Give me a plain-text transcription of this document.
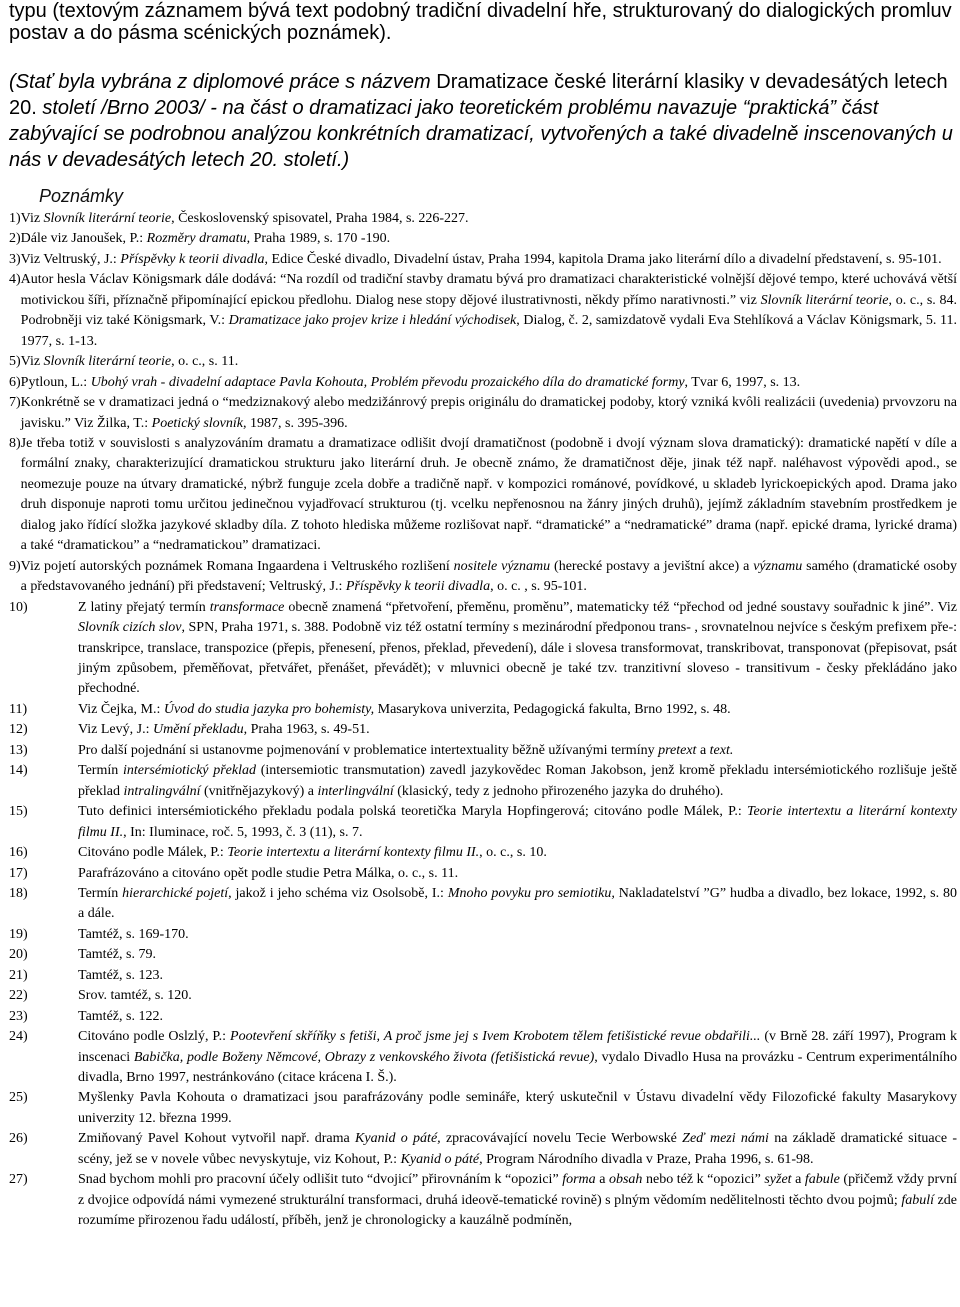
typu (textovým záznamem bývá text podobný tradiční divadelní hře, strukturovaný do dialogických promluv postav a do pásma scénických poznámek).
(Stať byla vybrána z diplomové práce s názvem Dramatizace české literární klasiky v devadesátých letech 20. století /Brno 2003/ - na část o dramatizaci jako teoretickém problému navazuje “praktická” část zabývající se podrobnou analýzou konkrétních dramatizací, vytvořených a také divadelně inscenovaných u nás v devadesátých letech 20. století.)
Poznámky
1) Viz Slovník literární teorie, Československý spisovatel, Praha 1984, s. 226-227.
2) Dále viz Janoušek, P.: Rozměry dramatu, Praha 1989, s. 170 -190.
3) Viz Veltruský, J.: Příspěvky k teorii divadla, Edice České divadlo, Divadelní ústav, Praha 1994, kapitola Drama jako literární dílo a divadelní představení, s. 95-101.
4) Autor hesla Václav Königsmark dále dodává: “Na rozdíl od tradiční stavby dramatu bývá pro dramatizaci charakteristické volnější dějové tempo, které uchovává větší motivickou šíři, příznačně připomínající epickou předlohu. Dialog nese stopy dějové ilustrativnosti, někdy přímo narativnosti.” viz Slovník literární teorie, o. c., s. 84. Podrobněji viz také Königsmark, V.: Dramatizace jako projev krize i hledání východisek, Dialog, č. 2, samizdatově vydali Eva Stehlíková a Václav Königsmark, 5. 11. 1977, s. 1-13.
5) Viz Slovník literární teorie, o. c., s. 11.
6) Pytloun, L.: Ubohý vrah - divadelní adaptace Pavla Kohouta, Problém převodu prozaického díla do dramatické formy, Tvar 6, 1997, s. 13.
7) Konkrétně se v dramatizaci jedná o “medziznakový alebo medzižánrový prepis originálu do dramatickej podoby, ktorý vzniká kvôli realizácii (uvedenia) prvovzoru na javisku.” Viz Žilka, T.: Poetický slovník, 1987, s. 395-396.
8) Je třeba totiž v souvislosti s analyzováním dramatu a dramatizace odlišit dvojí dramatičnost (podobně i dvojí význam slova dramatický): dramatické napětí v díle a formální znaky, charakterizující dramatickou strukturu jako literární druh. Je obecně známo, že dramatičnost děje, jinak též např. naléhavost výpovědi apod., se neomezuje pouze na útvary dramatické, nýbrž funguje zcela dobře a tradičně např. v kompozici románové, povídkové, u skladeb lyrickoepických apod. Drama jako druh disponuje naproti tomu určitou jedinečnou vyjadřovací strukturou (tj. vcelku nepřenosnou na žánry jiných druhů), jejímž základním stavebním prostředkem je dialog jako řídící složka jazykové skladby díla. Z tohoto hlediska můžeme rozlišovat např. “dramatické” a “nedramatické” drama (např. epické drama, lyrické drama) a také “dramatickou” a “nedramatickou” dramatizaci.
9) Viz pojetí autorských poznámek Romana Ingaardena i Veltruského rozlišení nositele významu (herecké postavy a jevištní akce) a významu samého (dramatické osoby a představovaného jednání) při představení; Veltruský, J.: Příspěvky k teorii divadla, o. c. , s. 95-101.
10)	Z latiny přejatý termín transformace obecně znamená “přetvoření, přeměnu, proměnu”, matematicky též “přechod od jedné soustavy souřadnic k jiné”. Viz Slovník cizích slov, SPN, Praha 1971, s. 388. Podobně viz též ostatní termíny s mezinárodní předponou trans- , srovnatelnou nejvíce s českým prefixem pře-: transkripce, translace, transpozice (přepis, přenesení, přenos, překlad, převedení), dále i slovesa transformovat, transkribovat, transponovat (přepisovat, psát jiným způsobem, přeměňovat, přetvářet, přenášet, převádět); v mluvnici obecně je také tzv. tranzitivní sloveso - transitivum - česky překládáno jako přechodné.
11)	Viz Čejka, M.: Úvod do studia jazyka pro bohemisty, Masarykova univerzita, Pedagogická fakulta, Brno 1992, s. 48.
12)	Viz Levý, J.: Umění překladu, Praha 1963, s. 49-51.
13)	Pro další pojednání si ustanovme pojmenování v problematice intertextuality běžně užívanými termíny pretext a text.
14)	Termín intersémiotický překlad (intersemiotic transmutation) zavedl jazykovědec Roman Jakobson, jenž kromě překladu intersémiotického rozlišuje ještě překlad intralingvální (vnitřnějazykový) a interlingvální (klasický, tedy z jednoho přirozeného jazyka do druhého).
15)	Tuto definici intersémiotického překladu podala polská teoretička Maryla Hopfingerová; citováno podle Málek, P.: Teorie intertextu a literární kontexty filmu II., In: Iluminace, roč. 5, 1993, č. 3 (11), s. 7.
16)	Citováno podle Málek, P.: Teorie intertextu a literární kontexty filmu II., o. c., s. 10.
17)	Parafrázováno a citováno opět podle studie Petra Málka, o. c., s. 11.
18)	Termín hierarchické pojetí, jakož i jeho schéma viz Osolsobě, I.: Mnoho povyku pro semiotiku, Nakladatelství ”G” hudba a divadlo, bez lokace, 1992, s. 80 a dále.
19)	Tamtéž, s. 169-170.
20)	Tamtéž, s. 79.
21)	Tamtéž, s. 123.
22)	Srov. tamtéž, s. 120.
23)	Tamtéž, s. 122.
24)	Citováno podle Oslzlý, P.: Pootevření skříňky s fetiši, A proč jsme jej s Ivem Krobotem tělem fetišistické revue obdařili... (v Brně 28. září 1997), Program k inscenaci Babička, podle Boženy Němcové, Obrazy z venkovského života (fetišistická revue), vydalo Divadlo Husa na provázku - Centrum experimentálního divadla, Brno 1997, nestránkováno (citace krácena I. Š.).
25)	Myšlenky Pavla Kohouta o dramatizaci jsou parafrázovány podle semináře, který uskutečnil v Ústavu divadelní vědy Filozofické fakulty Masarykovy univerzity 12. března 1999.
26)	Zmiňovaný Pavel Kohout vytvořil např. drama Kyanid o páté, zpracovávající novelu Tecie Werbowské Zeď mezi námi na základě dramatické situace - scény, jež se v novele vůbec nevyskytuje, viz Kohout, P.: Kyanid o páté, Program Národního divadla v Praze, Praha 1996, s. 61-98.
27)	Snad bychom mohli pro pracovní účely odlišit tuto “dvojicí” přirovnáním k “opozici” forma a obsah nebo též k “opozici” syžet a fabule (přičemž vždy první z dvojice odpovídá námi vymezené strukturální transformaci, druhá ideově-tematické rovině) s plným vědomím nedělitelnosti těchto dvou pojmů; fabulí zde rozumíme přirozenou řadu událostí, příběh, jenž je chronologicky a kauzálně podmíněn,
